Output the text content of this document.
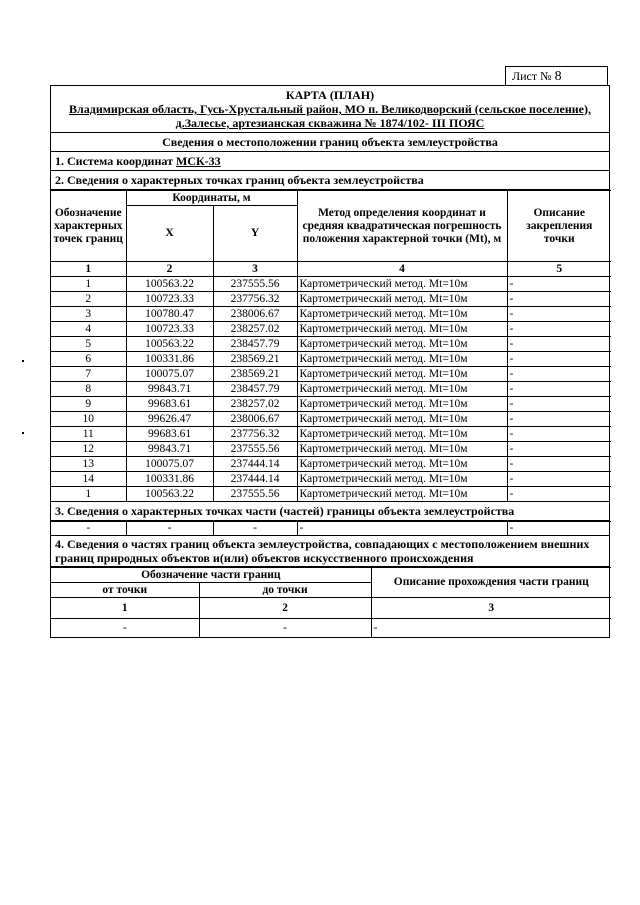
Лист № 8
КАРТА (ПЛАН)
Владимирская область, Гусь-Хрустальный район, МО п. Великодворский (сельское поселение), д.Залесье, артезианская скважина № 1874/102- III ПОЯС
Сведения о местоположении границ объекта землеустройства
1. Система координат МСК-33
2. Сведения о характерных точках границ объекта землеустройства
Обозначение характерных точек границ	Координаты, м		Метод определения координат и средняя квадратическая погрешность положения характерной точки (Mt), м	Описание закрепления точки
	X	Y		
1	2	3	4	5
1	100563.22	237555.56	Картометрический метод. Mt=10м	-
2	100723.33	237756.32	Картометрический метод. Mt=10м	-
3	100780.47	238006.67	Картометрический метод. Mt=10м	-
4	100723.33	238257.02	Картометрический метод. Mt=10м	-
5	100563.22	238457.79	Картометрический метод. Mt=10м	-
6	100331.86	238569.21	Картометрический метод. Mt=10м	-
7	100075.07	238569.21	Картометрический метод. Mt=10м	-
8	99843.71	238457.79	Картометрический метод. Mt=10м	-
9	99683.61	238257.02	Картометрический метод. Mt=10м	-
10	99626.47	238006.67	Картометрический метод. Mt=10м	-
11	99683.61	237756.32	Картометрический метод. Mt=10м	-
12	99843.71	237555.56	Картометрический метод. Mt=10м	-
13	100075.07	237444.14	Картометрический метод. Mt=10м	-
14	100331.86	237444.14	Картометрический метод. Mt=10м	-
1	100563.22	237555.56	Картометрический метод. Mt=10м	-
3. Сведения о характерных точках части (частей) границы объекта землеустройства
-	-	-	-	-
4. Сведения о частях границ объекта землеустройства, совпадающих с местоположением внешних границ природных объектов и(или) объектов искусственного происхождения
Обозначение части границ		Описание прохождения части границ
от точки	до точки	
1	2	3
-	-	-
